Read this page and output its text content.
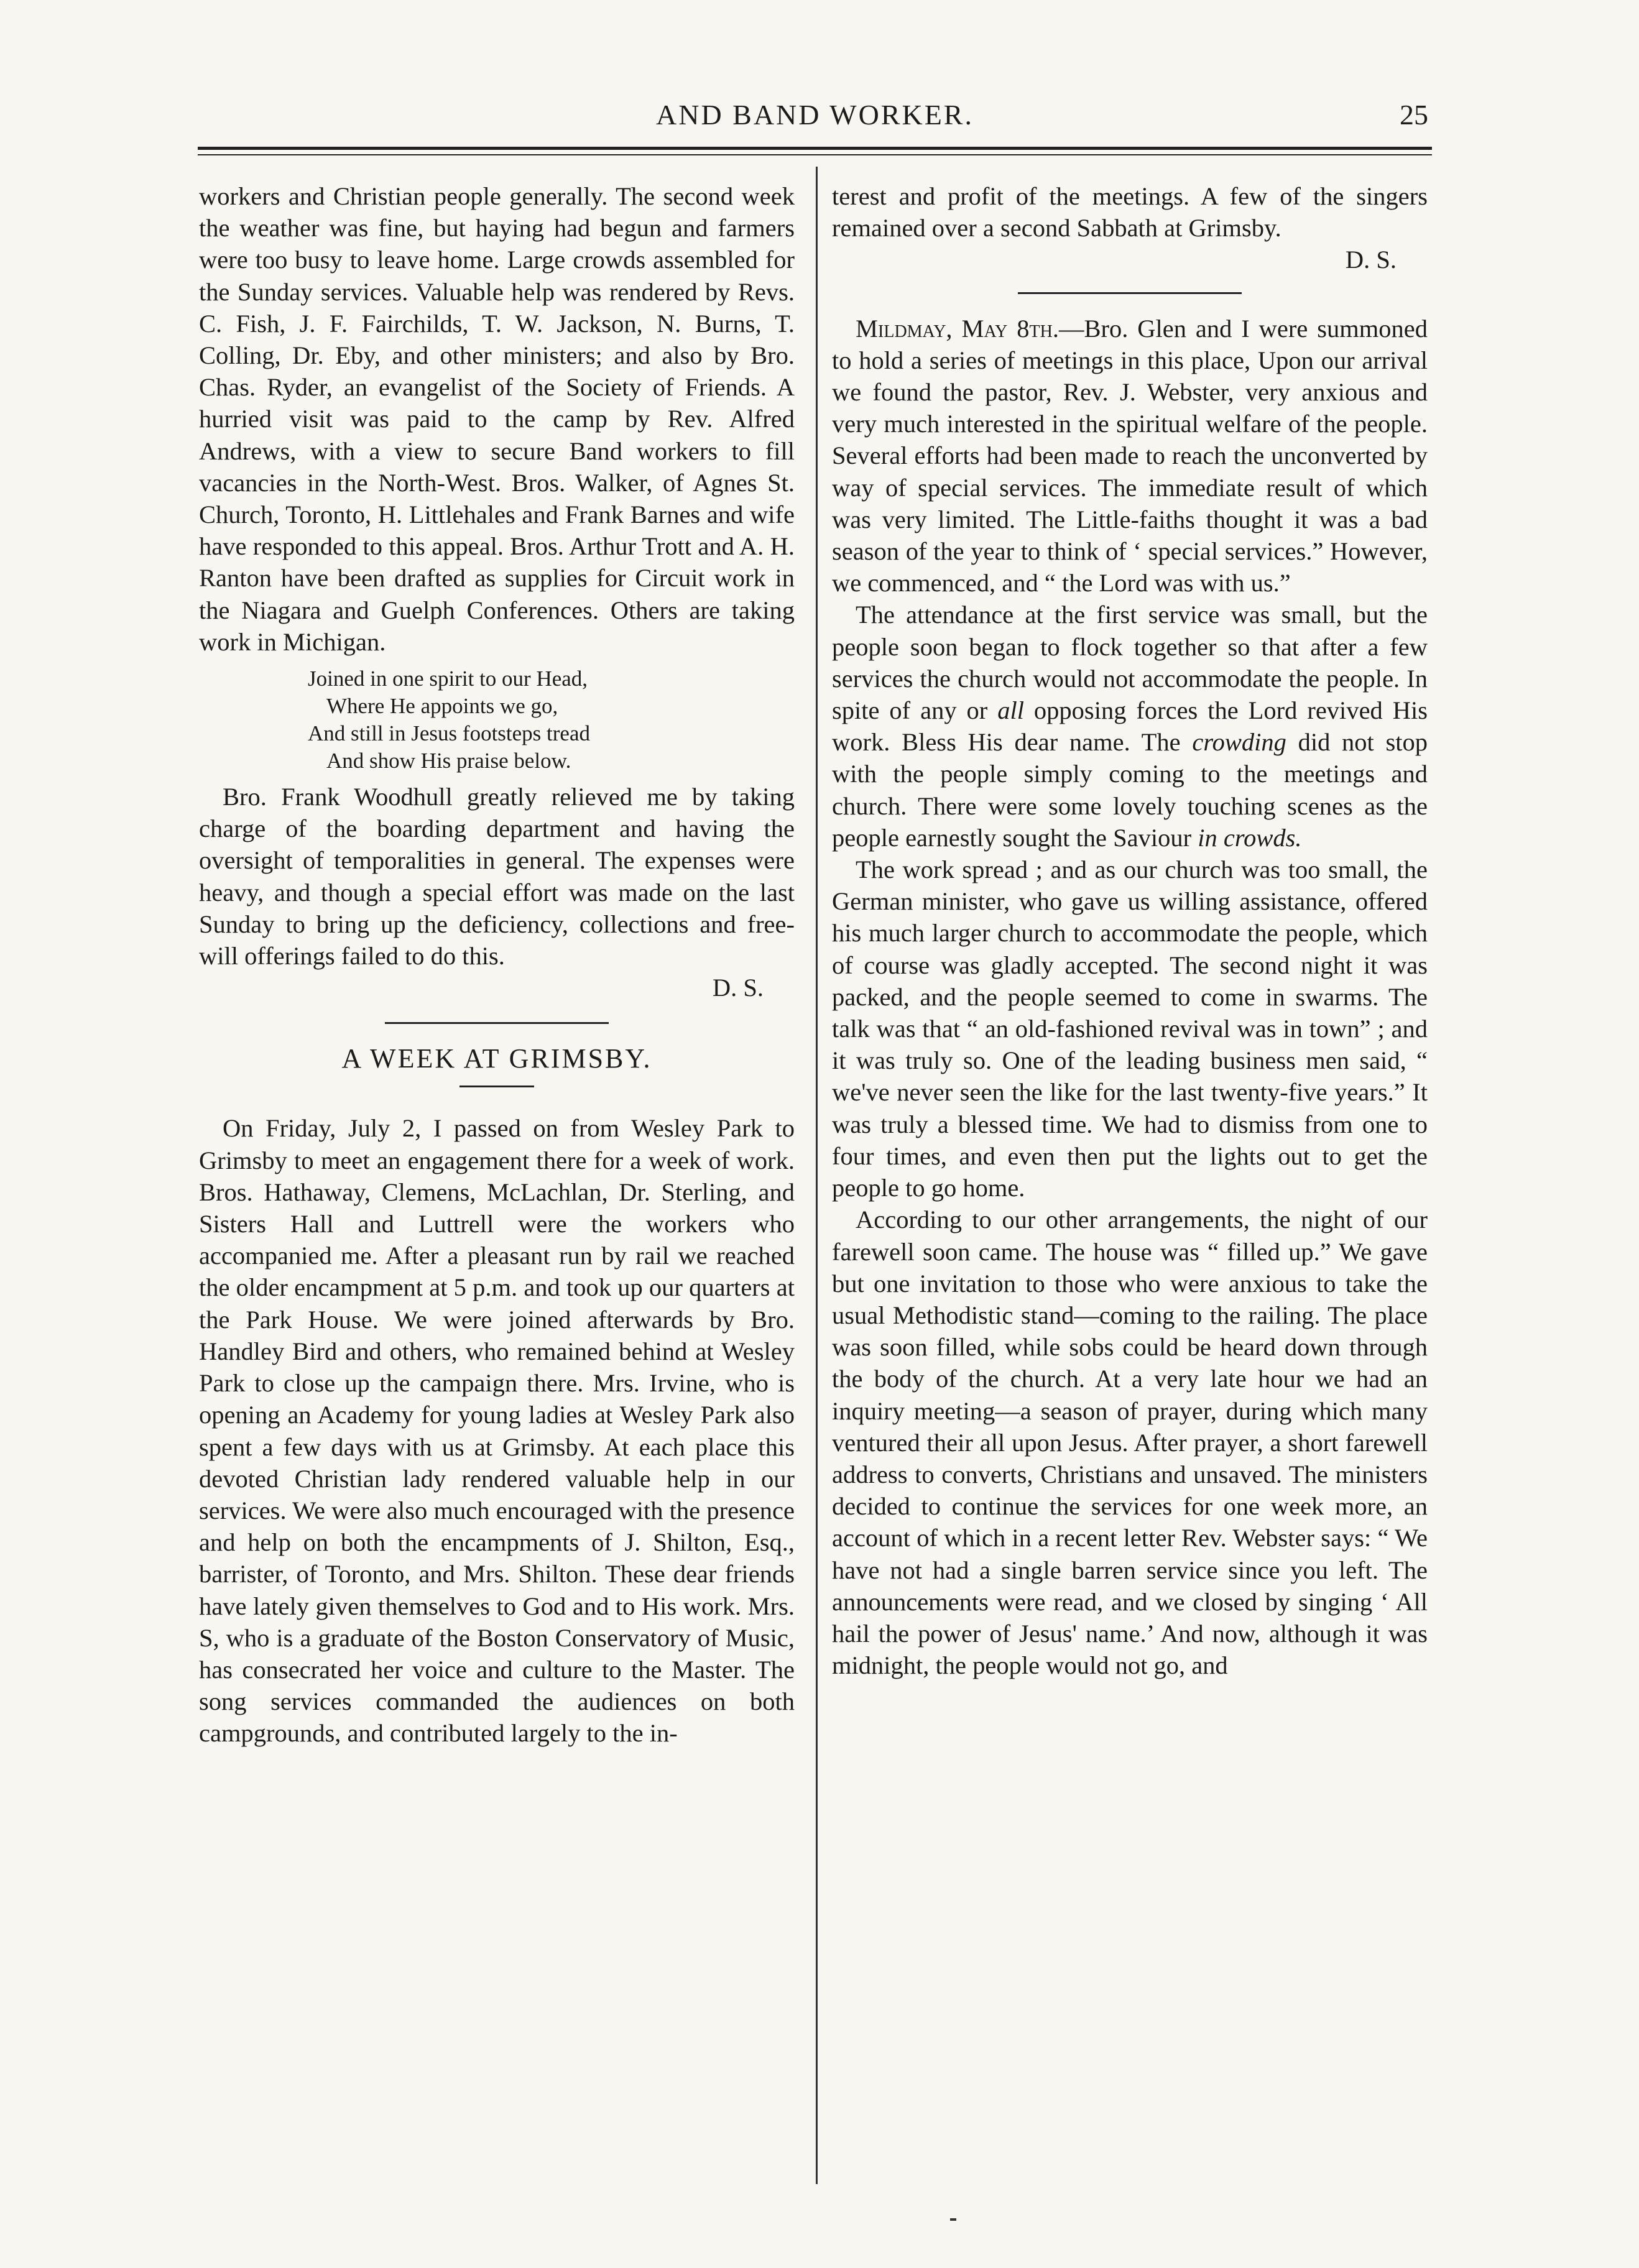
AND BAND WORKER.	25

workers and Christian people generally. The second week the weather was fine, but haying had begun and farmers were too busy to leave home. Large crowds assembled for the Sunday services. Valuable help was rendered by Revs. C. Fish, J. F. Fairchilds, T. W. Jackson, N. Burns, T. Colling, Dr. Eby, and other ministers; and also by Bro. Chas. Ryder, an evangelist of the Society of Friends. A hurried visit was paid to the camp by Rev. Alfred Andrews, with a view to secure Band workers to fill vacancies in the North-West. Bros. Walker, of Agnes St. Church, Toronto, H. Littlehales and Frank Barnes and wife have responded to this appeal. Bros. Arthur Trott and A. H. Ranton have been drafted as supplies for Circuit work in the Niagara and Guelph Conferences. Others are taking work in Michigan.

Joined in one spirit to our Head,
Where He appoints we go,
And still in Jesus footsteps tread
And show His praise below.

Bro. Frank Woodhull greatly relieved me by taking charge of the boarding department and having the oversight of temporalities in general. The expenses were heavy, and though a special effort was made on the last Sunday to bring up the deficiency, collections and free-will offerings failed to do this.

D. S.
A WEEK AT GRIMSBY.

On Friday, July 2, I passed on from Wesley Park to Grimsby to meet an engagement there for a week of work. Bros. Hathaway, Clemens, McLachlan, Dr. Sterling, and Sisters Hall and Luttrell were the workers who accompanied me. After a pleasant run by rail we reached the older encampment at 5 p.m. and took up our quarters at the Park House. We were joined afterwards by Bro. Handley Bird and others, who remained behind at Wesley Park to close up the campaign there. Mrs. Irvine, who is opening an Academy for young ladies at Wesley Park also spent a few days with us at Grimsby. At each place this devoted Christian lady rendered valuable help in our services. We were also much encouraged with the presence and help on both the encampments of J. Shilton, Esq., barrister, of Toronto, and Mrs. Shilton. These dear friends have lately given themselves to God and to His work. Mrs. S, who is a graduate of the Boston Conservatory of Music, has consecrated her voice and culture to the Master. The song services commanded the audiences on both campgrounds, and contributed largely to the in-

terest and profit of the meetings. A few of the singers remained over a second Sabbath at Grimsby.

D. S.

Mildmay, May 8th.—Bro. Glen and I were summoned to hold a series of meetings in this place, Upon our arrival we found the pastor, Rev. J. Webster, very anxious and very much interested in the spiritual welfare of the people. Several efforts had been made to reach the unconverted by way of special services. The immediate result of which was very limited. The Little-faiths thought it was a bad season of the year to think of ‘ special services.” However, we commenced, and “ the Lord was with us.”

The attendance at the first service was small, but the people soon began to flock together so that after a few services the church would not accommodate the people. In spite of any or all opposing forces the Lord revived His work. Bless His dear name. The crowding did not stop with the people simply coming to the meetings and church. There were some lovely touching scenes as the people earnestly sought the Saviour in crowds.

The work spread ; and as our church was too small, the German minister, who gave us willing assistance, offered his much larger church to accommodate the people, which of course was gladly accepted. The second night it was packed, and the people seemed to come in swarms. The talk was that “ an old-fashioned revival was in town” ; and it was truly so. One of the leading business men said, “ we've never seen the like for the last twenty-five years.” It was truly a blessed time. We had to dismiss from one to four times, and even then put the lights out to get the people to go home.

According to our other arrangements, the night of our farewell soon came. The house was “ filled up.” We gave but one invitation to those who were anxious to take the usual Methodistic stand—coming to the railing. The place was soon filled, while sobs could be heard down through the body of the church. At a very late hour we had an inquiry meeting—a season of prayer, during which many ventured their all upon Jesus. After prayer, a short farewell address to converts, Christians and unsaved. The ministers decided to continue the services for one week more, an account of which in a recent letter Rev. Webster says: “ We have not had a single barren service since you left. The announcements were read, and we closed by singing ‘ All hail the power of Jesus' name.’ And now, although it was midnight, the people would not go, and
